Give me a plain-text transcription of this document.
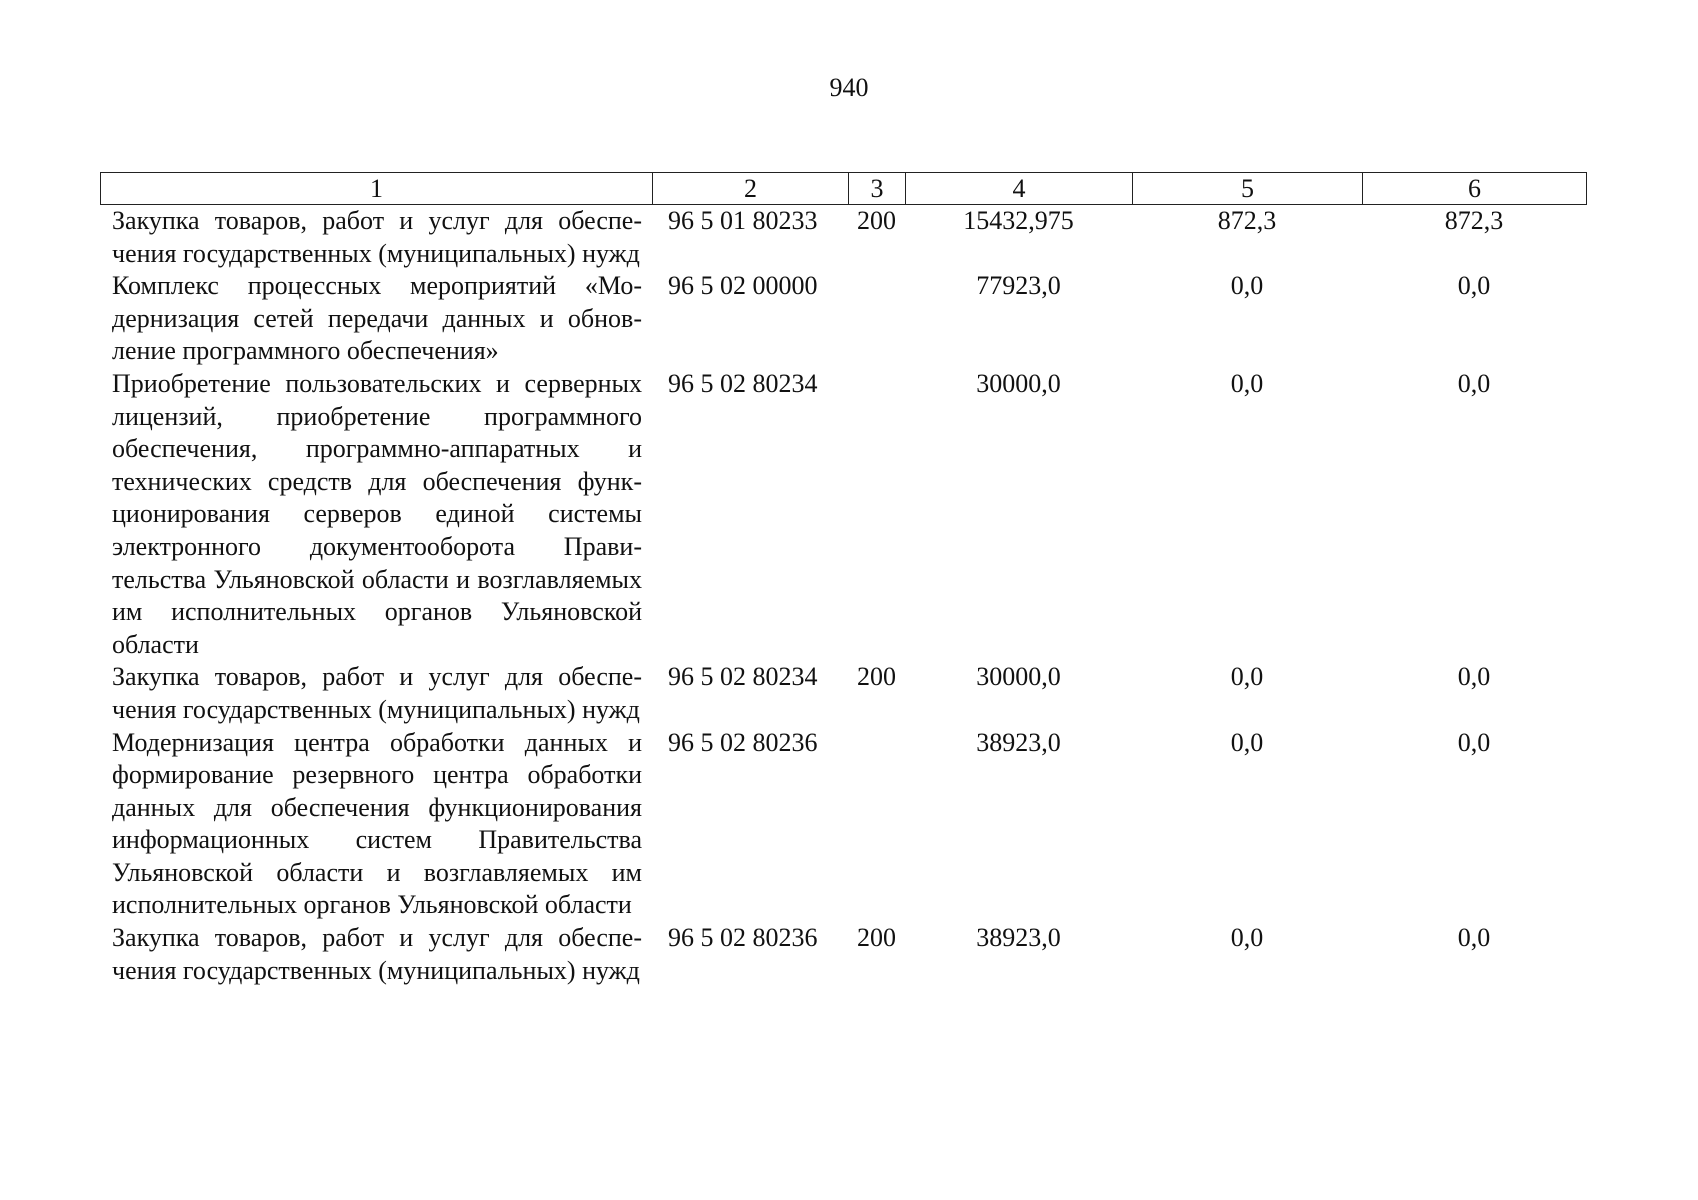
940
1	2	3	4	5	6
Закупка товаров, работ и услуг для обеспечения государственных (муниципальных) нужд	96 5 01 80233	200	15432,975	872,3	872,3
Комплекс процессных мероприятий «Модернизация сетей передачи данных и обновление программного обеспечения»	96 5 02 00000		77923,0	0,0	0,0
Приобретение пользовательских и серверных лицензий, приобретение программного обеспечения, программно-аппаратных и технических средств для обеспечения функционирования серверов единой системы электронного документооборота Правительства Ульяновской области и возглавляемых им исполнительных органов Ульяновской области	96 5 02 80234		30000,0	0,0	0,0
Закупка товаров, работ и услуг для обеспечения государственных (муниципальных) нужд	96 5 02 80234	200	30000,0	0,0	0,0
Модернизация центра обработки данных и формирование резервного центра обработки данных для обеспечения функционирования информационных систем Правительства Ульяновской области и возглавляемых им исполнительных органов Ульяновской области	96 5 02 80236		38923,0	0,0	0,0
Закупка товаров, работ и услуг для обеспечения государственных (муниципальных) нужд	96 5 02 80236	200	38923,0	0,0	0,0
